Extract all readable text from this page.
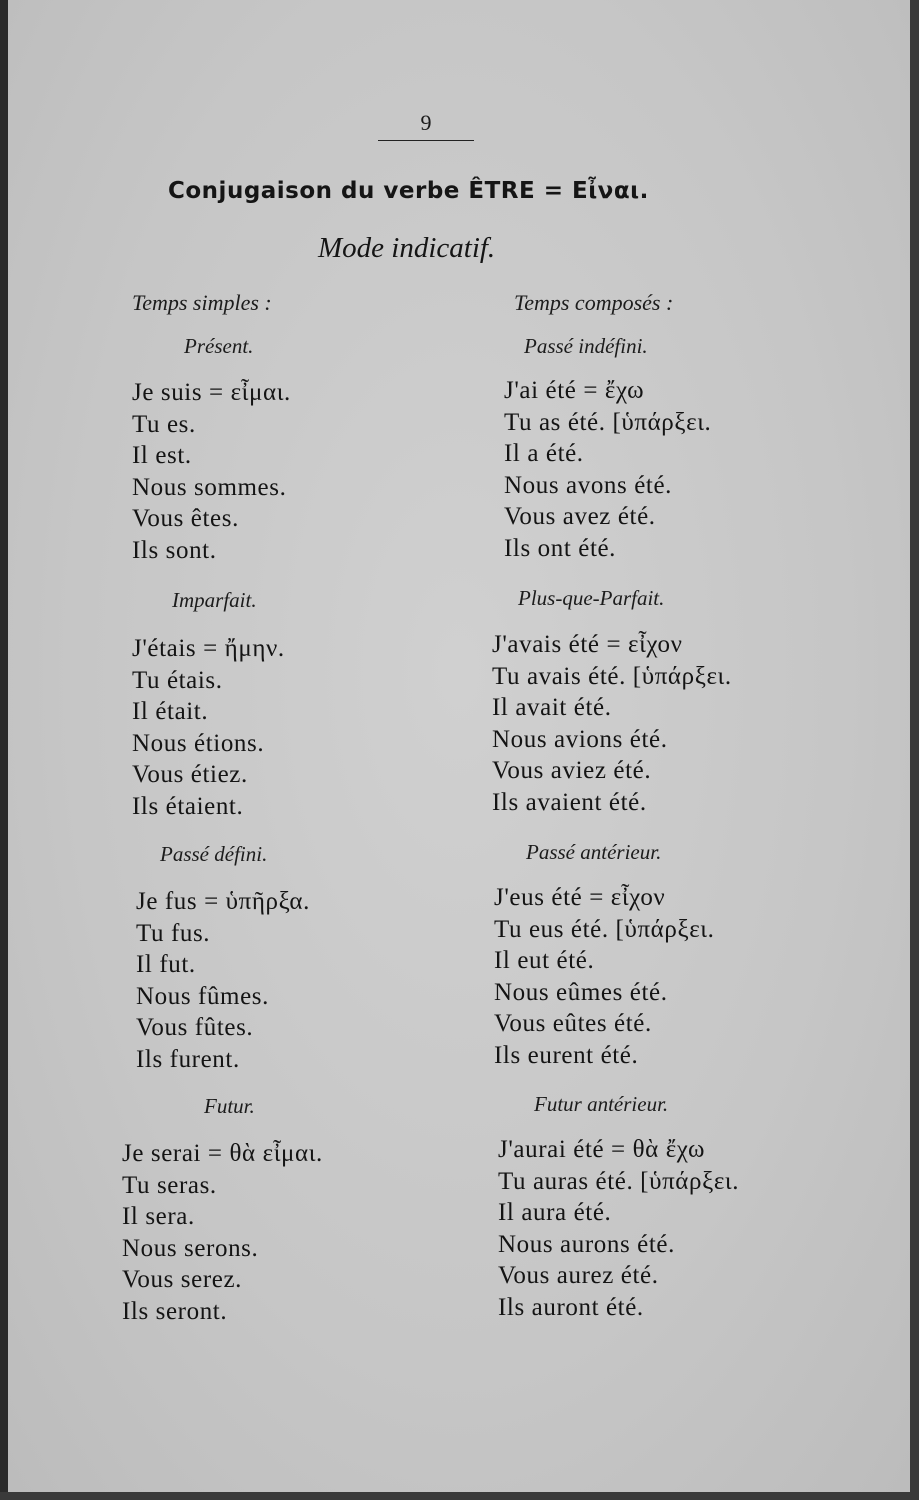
9
Conjugaison du verbe ÊTRE = Εἶναι.
Mode indicatif.
Temps simples :	Temps composés :
Présent.
Je suis = εἶμαι.
Tu es.
Il est.
Nous sommes.
Vous êtes.
Ils sont.
Imparfait.
J'étais = ἤμην.
Tu étais.
Il était.
Nous étions.
Vous étiez.
Ils étaient.
Passé défini.
Je fus = ὑπῆρξα.
Tu fus.
Il fut.
Nous fûmes.
Vous fûtes.
Ils furent.
Futur.
Je serai = θὰ εἶμαι.
Tu seras.
Il sera.
Nous serons.
Vous serez.
Ils seront.
Passé indéfini.
J'ai été = ἔχω
Tu as été. [ὑπάρξει.
Il a été.
Nous avons été.
Vous avez été.
Ils ont été.
Plus-que-Parfait.
J'avais été = εἶχον
Tu avais été. [ὑπάρξει.
Il avait été.
Nous avions été.
Vous aviez été.
Ils avaient été.
Passé antérieur.
J'eus été = εἶχον
Tu eus été. [ὑπάρξει.
Il eut été.
Nous eûmes été.
Vous eûtes été.
Ils eurent été.
Futur antérieur.
J'aurai été = θὰ ἔχω
Tu auras été. [ὑπάρξει.
Il aura été.
Nous aurons été.
Vous aurez été.
Ils auront été.
